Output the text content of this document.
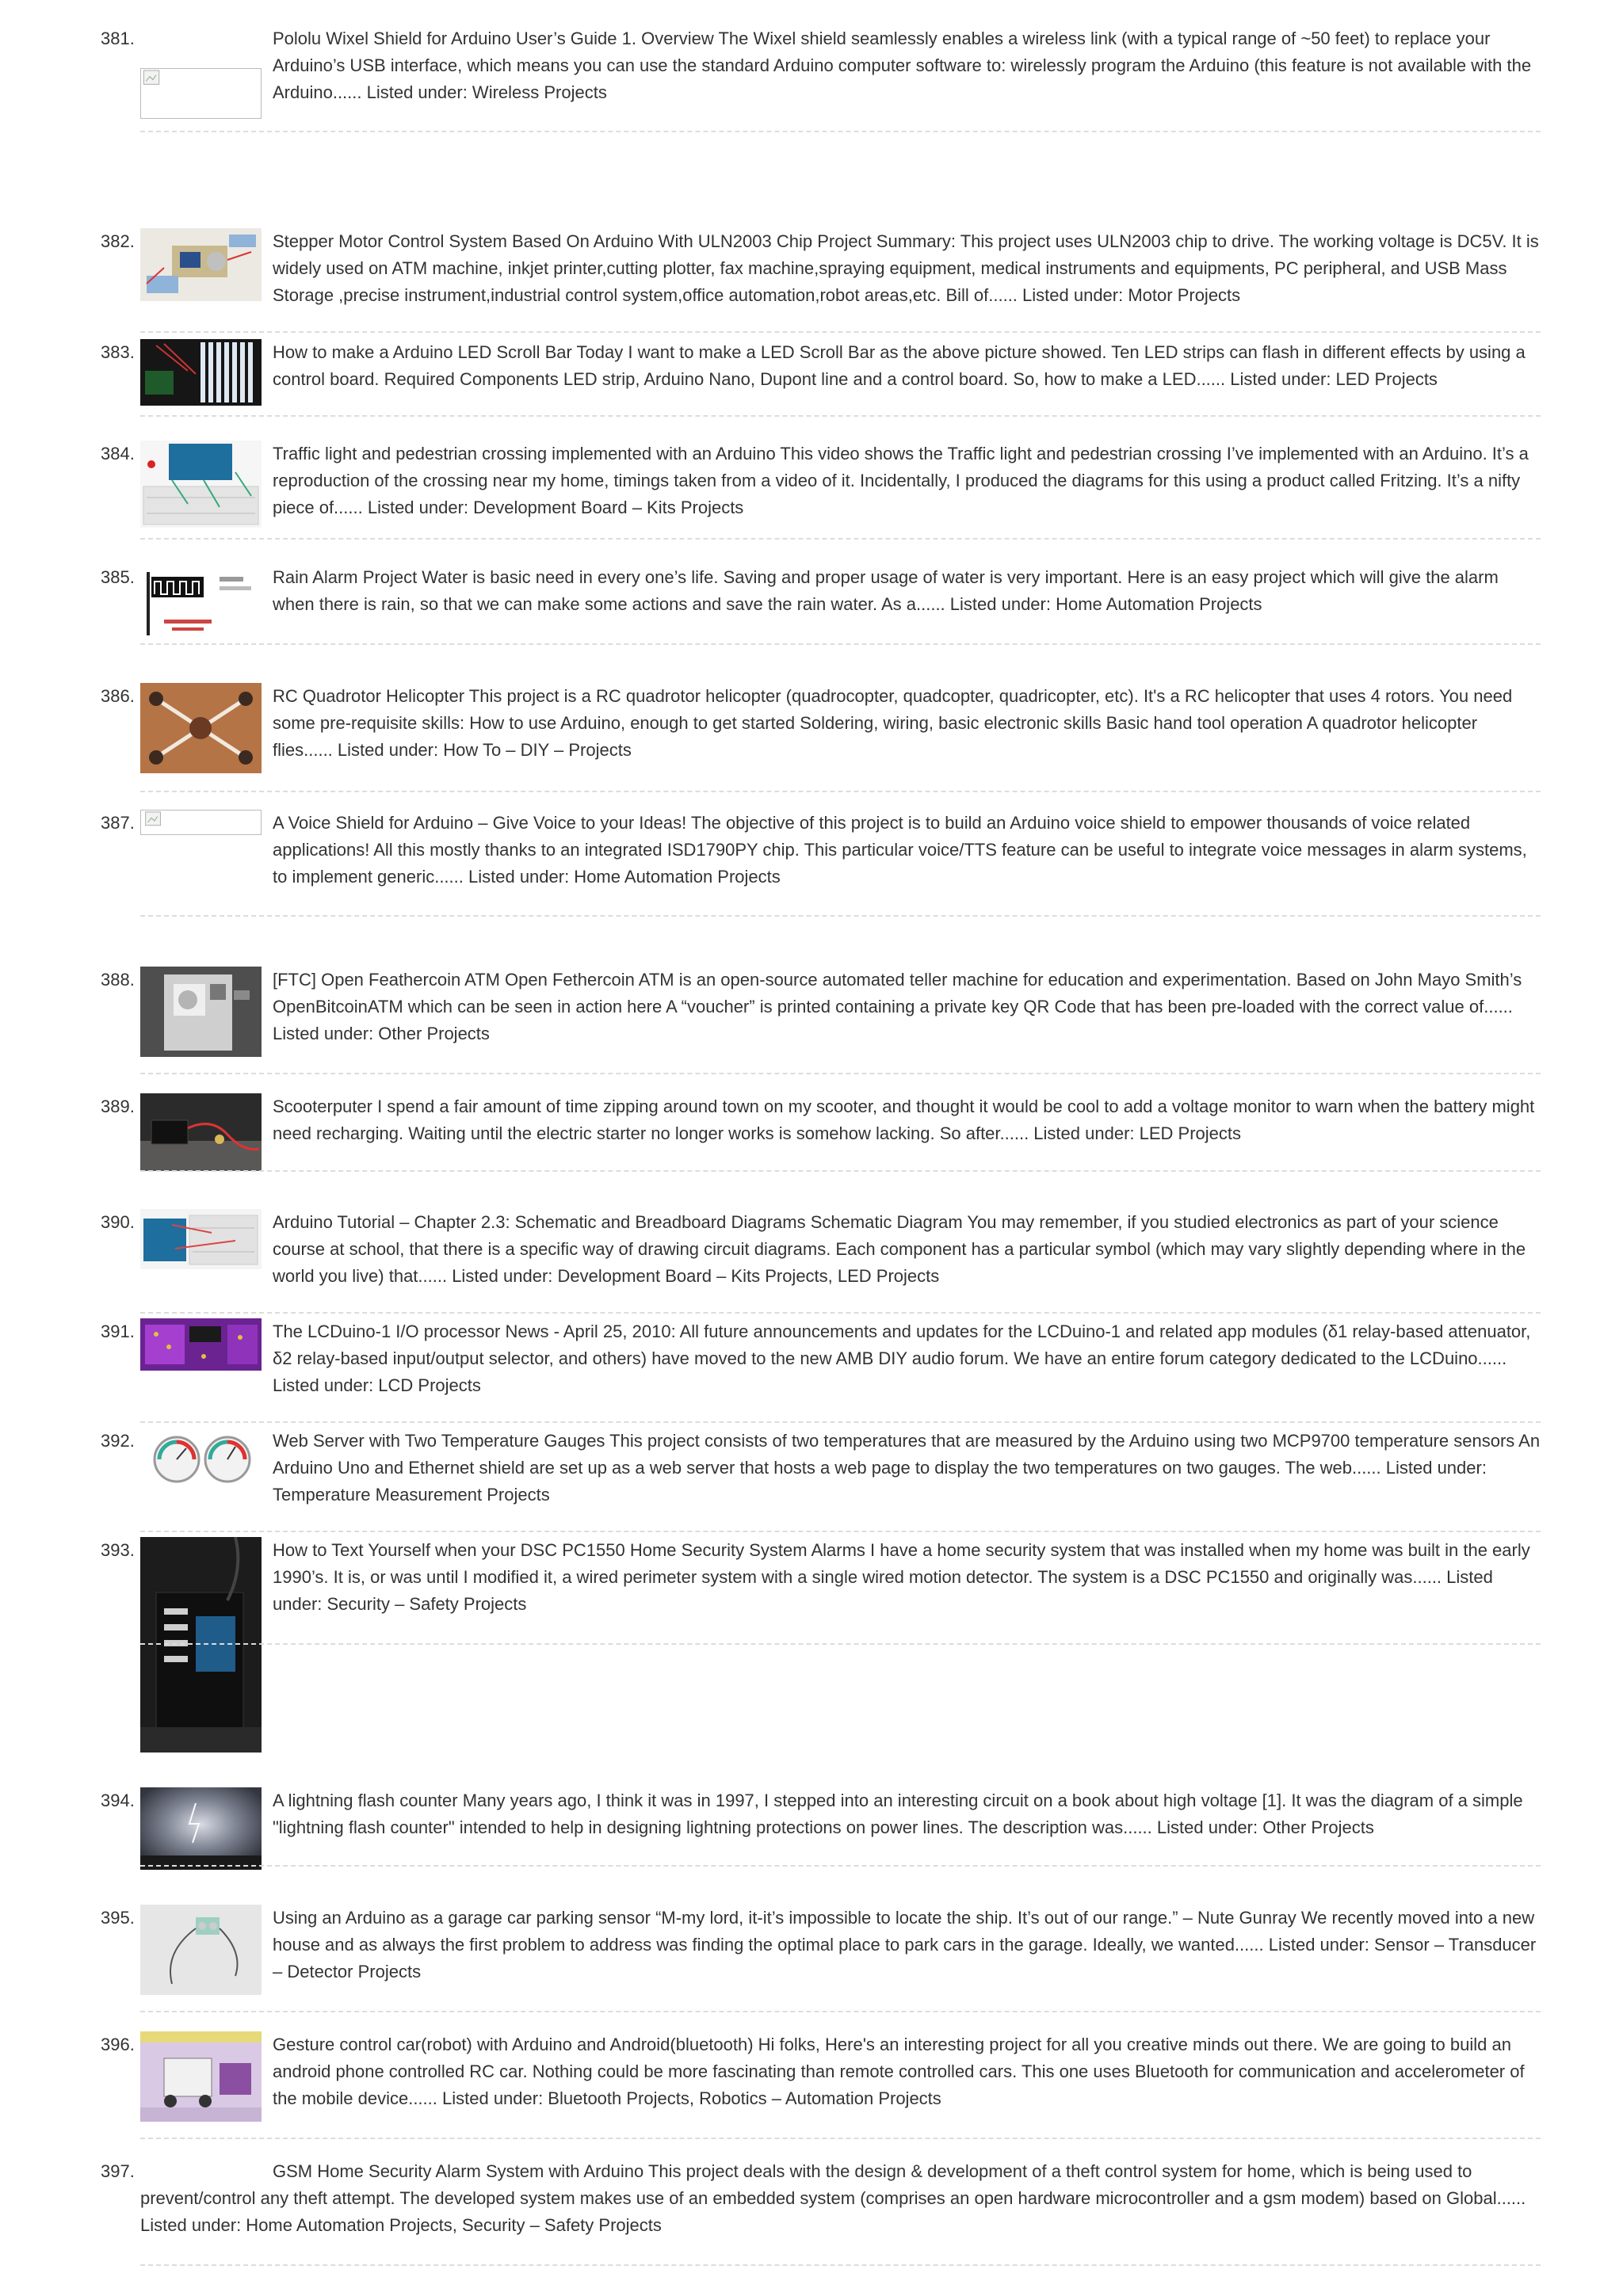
381.	Pololu Wixel Shield for Arduino User’s Guide 1. Overview The Wixel shield seamlessly enables a wireless link (with a typical range of ~50 feet) to replace your Arduino’s USB interface, which means you can use the standard Arduino computer software to: wirelessly program the Arduino (this feature is not available with the Arduino...... Listed under: Wireless Projects
382.	Stepper Motor Control System Based On Arduino With ULN2003 Chip Project Summary: This project uses ULN2003 chip to drive. The working voltage is DC5V. It is widely used on ATM machine, inkjet printer,cutting plotter, fax machine,spraying equipment, medical instruments and equipments, PC peripheral, and USB Mass Storage ,precise instrument,industrial control system,office automation,robot areas,etc. Bill of...... Listed under: Motor Projects
383.	How to make a Arduino LED Scroll Bar Today I want to make a LED Scroll Bar as the above picture showed. Ten LED strips can flash in different effects by using a control board. Required Components LED strip, Arduino Nano, Dupont line and a control board. So, how to make a LED...... Listed under: LED Projects
384.	Traffic light and pedestrian crossing implemented with an Arduino This video shows the Traffic light and pedestrian crossing I’ve implemented with an Arduino. It’s a reproduction of the crossing near my home, timings taken from a video of it. Incidentally, I produced the diagrams for this using a product called Fritzing. It’s a nifty piece of...... Listed under: Development Board – Kits Projects
385.	Rain Alarm Project Water is basic need in every one’s life. Saving and proper usage of water is very important. Here is an easy project which will give the alarm when there is rain, so that we can make some actions and save the rain water. As a...... Listed under: Home Automation Projects
386.	RC Quadrotor Helicopter This project is a RC quadrotor helicopter (quadrocopter, quadcopter, quadricopter, etc). It's a RC helicopter that uses 4 rotors. You need some pre-requisite skills: How to use Arduino, enough to get started Soldering, wiring, basic electronic skills Basic hand tool operation A quadrotor helicopter flies...... Listed under: How To – DIY – Projects
387.	A Voice Shield for Arduino – Give Voice to your Ideas! The objective of this project is to build an Arduino voice shield to empower thousands of voice related applications! All this mostly thanks to an integrated ISD1790PY chip. This particular voice/TTS feature can be useful to integrate voice messages in alarm systems, to implement generic...... Listed under: Home Automation Projects
388.	[FTC] Open Feathercoin ATM Open Fethercoin ATM is an open-source automated teller machine for education and experimentation. Based on John Mayo Smith’s OpenBitcoinATM which can be seen in action here A “voucher” is printed containing a private key QR Code that has been pre-loaded with the correct value of...... Listed under: Other Projects
389.	Scooterputer I spend a fair amount of time zipping around town on my scooter, and thought it would be cool to add a voltage monitor to warn when the battery might need recharging. Waiting until the electric starter no longer works is somehow lacking. So after...... Listed under: LED Projects
390.	Arduino Tutorial – Chapter 2.3: Schematic and Breadboard Diagrams Schematic Diagram You may remember, if you studied electronics as part of your science course at school, that there is a specific way of drawing circuit diagrams. Each component has a particular symbol (which may vary slightly depending where in the world you live) that...... Listed under: Development Board – Kits Projects, LED Projects
391.	The LCDuino-1 I/O processor News - April 25, 2010: All future announcements and updates for the LCDuino-1 and related app modules (δ1 relay-based attenuator, δ2 relay-based input/output selector, and others) have moved to the new AMB DIY audio forum. We have an entire forum category dedicated to the LCDuino...... Listed under: LCD Projects
392.	Web Server with Two Temperature Gauges This project consists of two temperatures that are measured by the Arduino using two MCP9700 temperature sensors An Arduino Uno and Ethernet shield are set up as a web server that hosts a web page to display the two temperatures on two gauges. The web...... Listed under: Temperature Measurement Projects
393.	How to Text Yourself when your DSC PC1550 Home Security System Alarms I have a home security system that was installed when my home was built in the early 1990’s. It is, or was until I modified it, a wired perimeter system with a single wired motion detector. The system is a DSC PC1550 and originally was...... Listed under: Security – Safety Projects
394.	A lightning flash counter Many years ago, I think it was in 1997, I stepped into an interesting circuit on a book about high voltage [1]. It was the diagram of a simple "lightning flash counter" intended to help in designing lightning protections on power lines. The description was...... Listed under: Other Projects
395.	Using an Arduino as a garage car parking sensor “M-my lord, it-it’s impossible to locate the ship. It’s out of our range.” – Nute Gunray We recently moved into a new house and as always the first problem to address was finding the optimal place to park cars in the garage. Ideally, we wanted...... Listed under: Sensor – Transducer – Detector Projects
396.	Gesture control car(robot) with Arduino and Android(bluetooth) Hi folks, Here's an interesting project for all you creative minds out there. We are going to build an android phone controlled RC car. Nothing could be more fascinating than remote controlled cars. This one uses Bluetooth for communication and accelerometer of the mobile device...... Listed under: Bluetooth Projects, Robotics – Automation Projects
397.	GSM Home Security Alarm System with Arduino This project deals with the design & development of a theft control system for home, which is being used to prevent/control any theft attempt. The developed system makes use of an embedded system (comprises an open hardware microcontroller and a gsm modem) based on Global...... Listed under: Home Automation Projects, Security – Safety Projects
